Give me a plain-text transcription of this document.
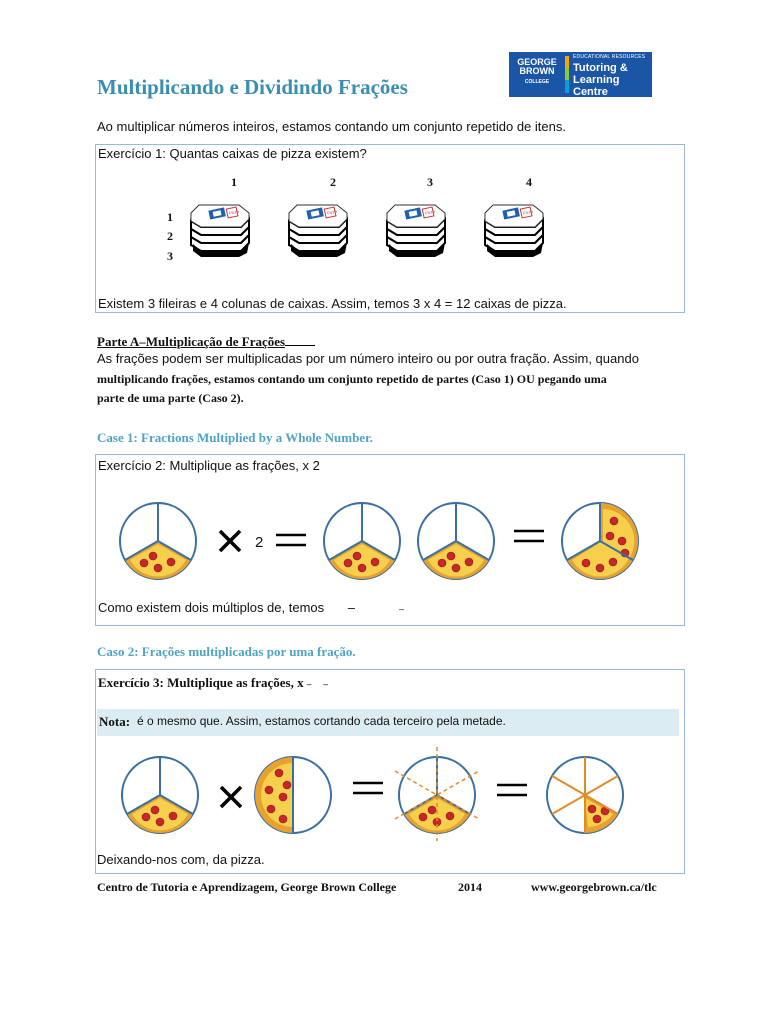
Multiplicando e Dividindo Frações
GEORGE BROWN
COLLEGE
EDUCATIONAL RESOURCES
Tutoring & Learning Centre
Ao multiplicar números inteiros, estamos contando um conjunto repetido de itens.
Exercício 1: Quantas caixas de pizza existem?
1	2	3	4
1
2
3
Existem 3 fileiras e 4 colunas de caixas. Assim, temos 3 x 4 = 12 caixas de pizza.
Parte A–Multiplicação de Frações
As frações podem ser multiplicadas por um número inteiro ou por outra fração. Assim, quando
multiplicando frações, estamos contando um conjunto repetido de partes (Caso 1) OU pegando uma
parte de uma parte (Caso 2).
Case 1: Fractions Multiplied by a Whole Number.
Exercício 2: Multiplique as frações, x 2
2
Como existem dois múltiplos de, temos –	–
Caso 2: Frações multiplicadas por uma fração.
Exercício 3: Multiplique as frações, x – –
Nota: é o mesmo que. Assim, estamos cortando cada terceiro pela metade.
Deixando-nos com, da pizza.
Centro de Tutoria e Aprendizagem, George Brown College	2014	www.georgebrown.ca/tlc
